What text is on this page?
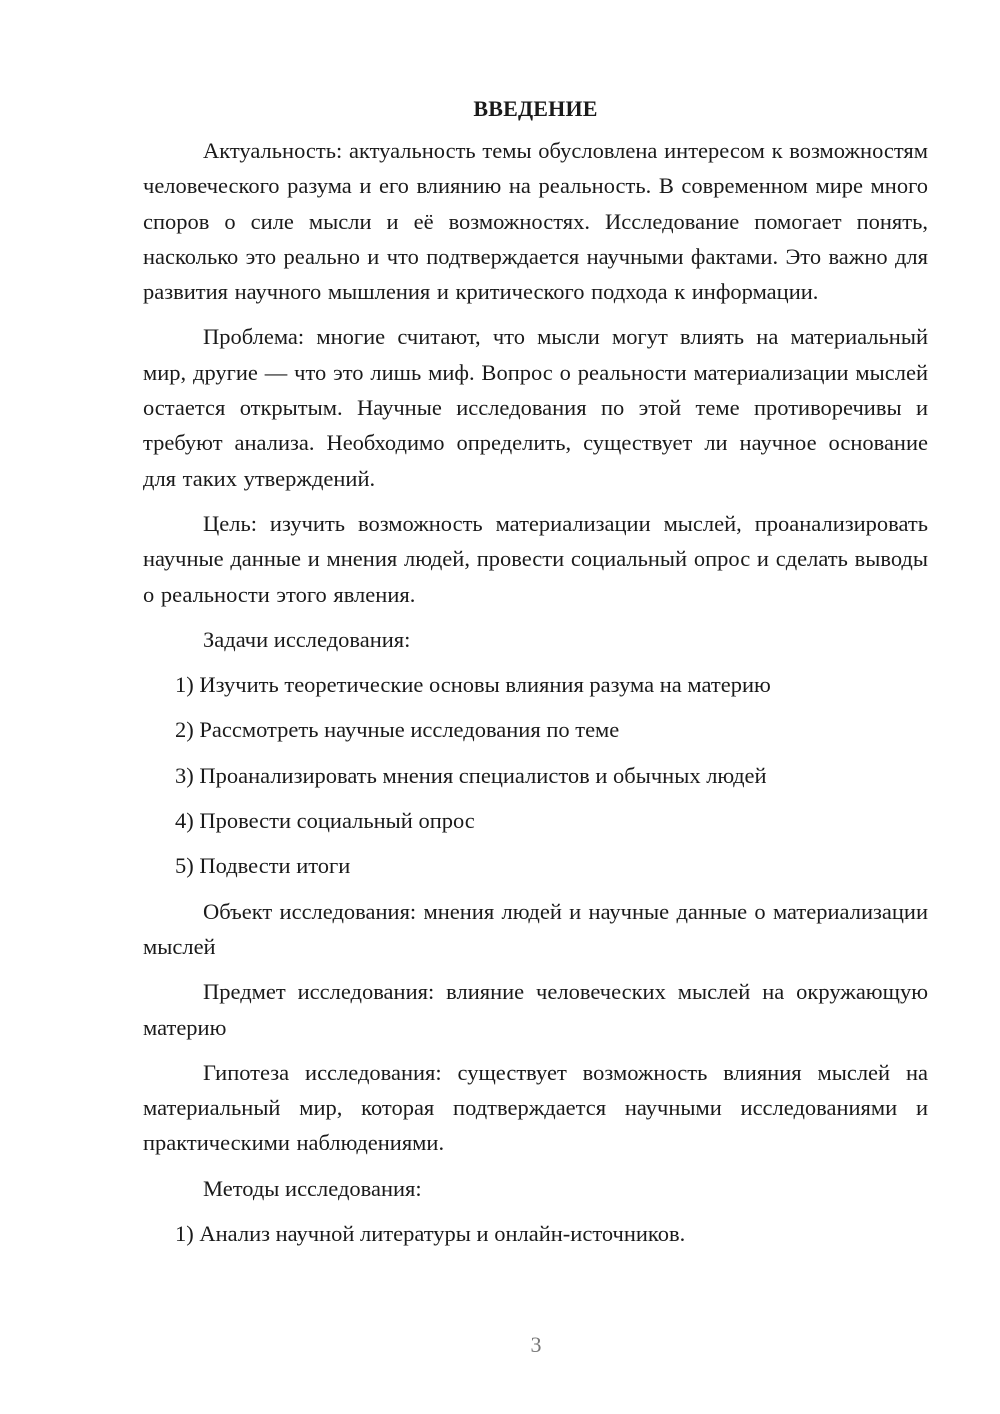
ВВЕДЕНИЕ

Актуальность: актуальность темы обусловлена интересом к возможностям человеческого разума и его влиянию на реальность. В современном мире много споров о силе мысли и её возможностях. Исследование помогает понять, насколько это реально и что подтверждается научными фактами. Это важно для развития научного мышления и критического подхода к информации.

Проблема: многие считают, что мысли могут влиять на материальный мир, другие — что это лишь миф. Вопрос о реальности материализации мыслей остается открытым. Научные исследования по этой теме противоречивы и требуют анализа. Необходимо определить, существует ли научное основание для таких утверждений.

Цель: изучить возможность материализации мыслей, проанализировать научные данные и мнения людей, провести социальный опрос и сделать выводы о реальности этого явления.

Задачи исследования:

1) Изучить теоретические основы влияния разума на материю
2) Рассмотреть научные исследования по теме
3) Проанализировать мнения специалистов и обычных людей
4) Провести социальный опрос
5) Подвести итоги

Объект исследования: мнения людей и научные данные о материализации мыслей

Предмет исследования: влияние человеческих мыслей на окружающую материю

Гипотеза исследования: существует возможность влияния мыслей на материальный мир, которая подтверждается научными исследованиями и практическими наблюдениями.

Методы исследования:

1) Анализ научной литературы и онлайн-источников.
3
